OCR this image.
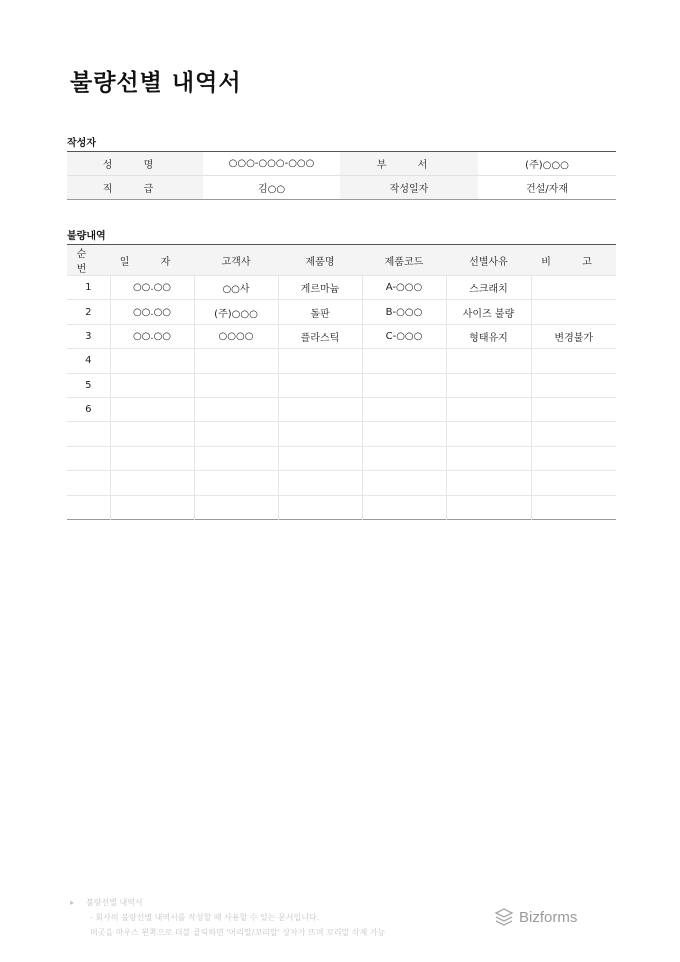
불량선별 내역서
작성자
성 명	○○○-○○○-○○○	부 서	(주)○○○
직 급	김○○	작성일자	건설/자재
불량내역
순 번	일 자	고객사	제품명	제품코드	선별사유	비 고
1	○○.○○	○○사	게르마늄	A-○○○	스크래치	
2	○○.○○	(주)○○○	돌판	B-○○○	사이즈 불량	
3	○○.○○	○○○○	플라스틱	C-○○○	형태유지	변경불가
4						
5						
6						

▸ 불량선별 내역서
- 회사의 불량선별 내역서를 작성할 때 사용할 수 있는 문서입니다.
머곳을 마우스 왼쪽으로 더블 클릭하면 '머리말/꼬리말' 상자가 뜨며 꼬리말 삭제 가능
Bizforms
